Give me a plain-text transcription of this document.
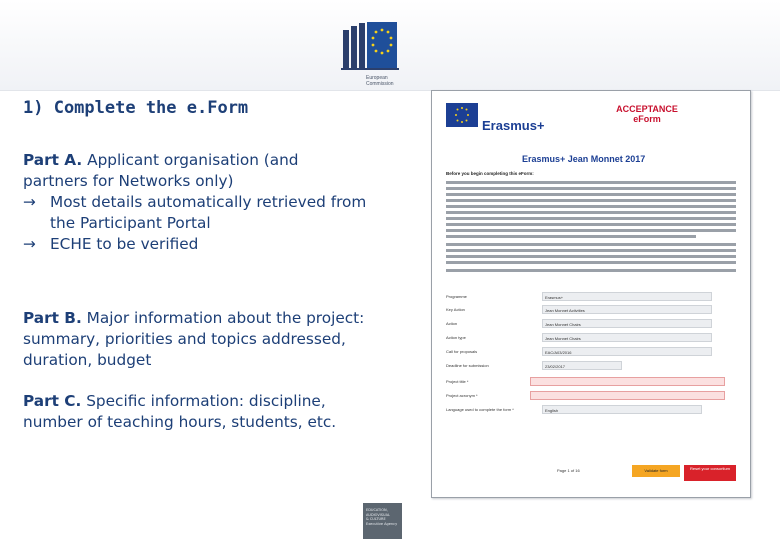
European
Commission
1) Complete the e.Form
Part A. Applicant organisation (and partners for Networks only)
→ Most details automatically retrieved from the Participant Portal
→ ECHE to be verified
Part B. Major information about the project: summary, priorities and topics addressed, duration, budget
Part C. Specific information: discipline, number of teaching hours, students, etc.
Erasmus+
ACCEPTANCE
eForm
Erasmus+ Jean Monnet 2017
Before you begin completing this eForm:
Programme	Erasmus+
Key Action	Jean Monnet Activities
Action	Jean Monnet Chairs
Action type	Jean Monnet Chairs
Call for proposals	EAC/A03/2016
Deadline for submission	23/02/2017
Project title *
Project acronym *
Language used to complete the form *	English
Page 1 of 16	Validate form	Reset your consortium
EDUCATION,
AUDIOVISUAL
& CULTURE
Executive Agency
